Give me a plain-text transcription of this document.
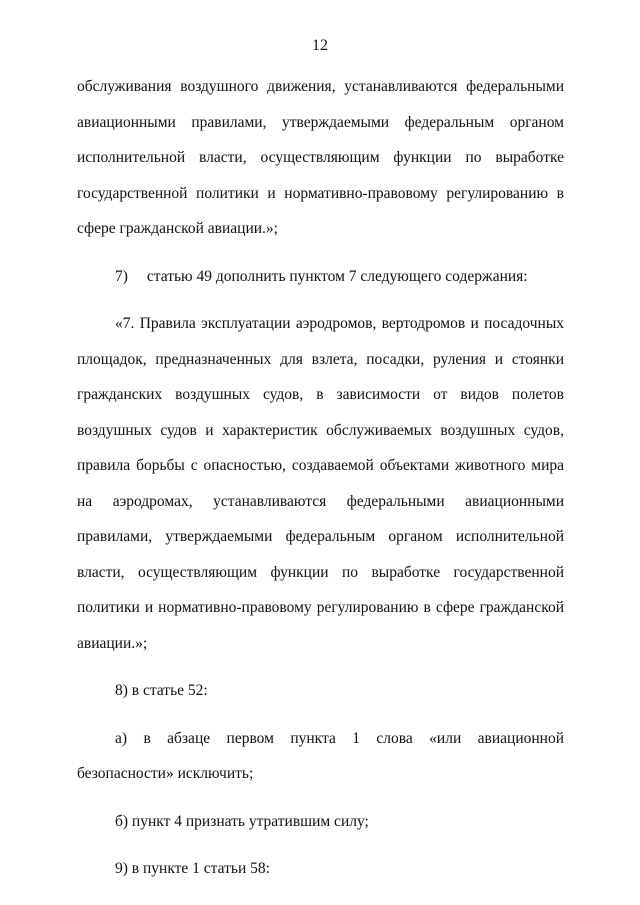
12

обслуживания воздушного движения, устанавливаются федеральными авиационными правилами, утверждаемыми федеральным органом исполнительной власти, осуществляющим функции по выработке государственной политики и нормативно-правовому регулированию в сфере гражданской авиации.»;

7) статью 49 дополнить пунктом 7 следующего содержания:

«7. Правила эксплуатации аэродромов, вертодромов и посадочных площадок, предназначенных для взлета, посадки, руления и стоянки гражданских воздушных судов, в зависимости от видов полетов воздушных судов и характеристик обслуживаемых воздушных судов, правила борьбы с опасностью, создаваемой объектами животного мира на аэродромах, устанавливаются федеральными авиационными правилами, утверждаемыми федеральным органом исполнительной власти, осуществляющим функции по выработке государственной политики и нормативно-правовому регулированию в сфере гражданской авиации.»;

8) в статье 52:

а) в абзаце первом пункта 1 слова «или авиационной безопасности» исключить;

б) пункт 4 признать утратившим силу;

9) в пункте 1 статьи 58:
